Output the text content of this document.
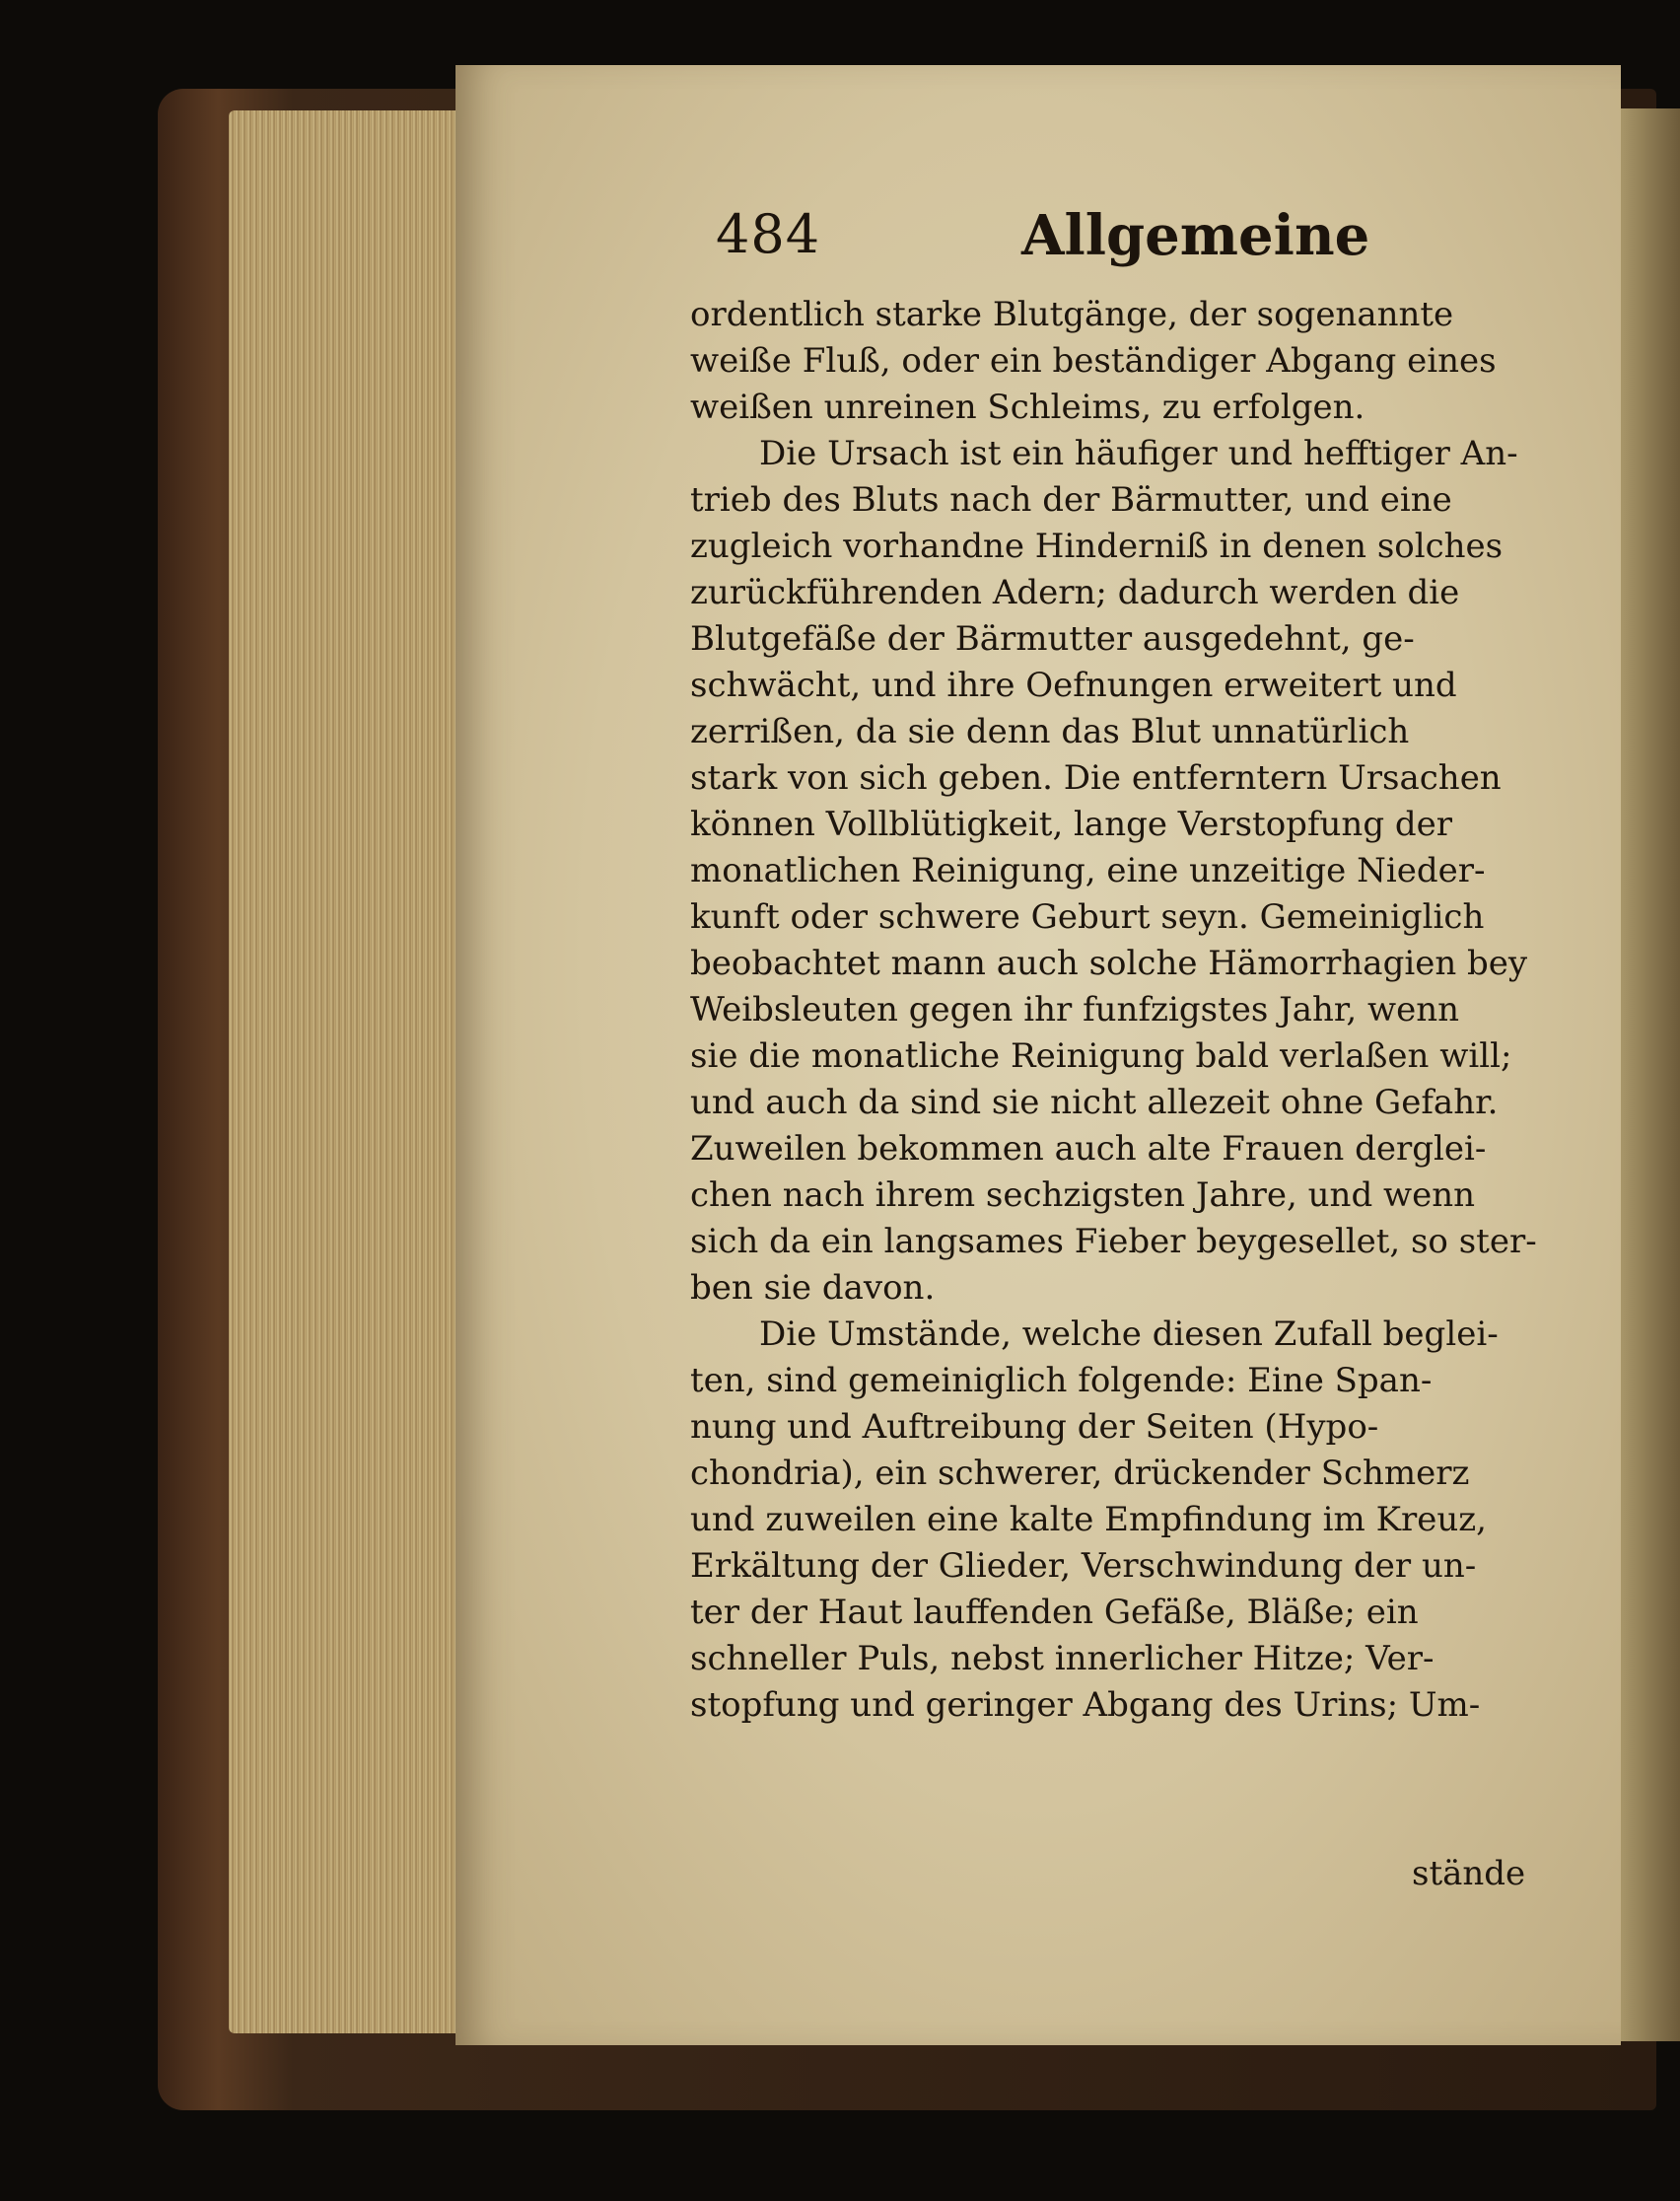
484	Allgemeine
ordentlich starke Blutgänge, der sogenannte
weiße Fluß, oder ein beständiger Abgang eines
weißen unreinen Schleims, zu erfolgen.
Die Ursach ist ein häufiger und hefftiger An-
trieb des Bluts nach der Bärmutter, und eine
zugleich vorhandne Hinderniß in denen solches
zurückführenden Adern; dadurch werden die
Blutgefäße der Bärmutter ausgedehnt, ge-
schwächt, und ihre Oefnungen erweitert und
zerrißen, da sie denn das Blut unnatürlich
stark von sich geben. Die entferntern Ursachen
können Vollblütigkeit, lange Verstopfung der
monatlichen Reinigung, eine unzeitige Nieder-
kunft oder schwere Geburt seyn. Gemeiniglich
beobachtet mann auch solche Hämorrhagien bey
Weibsleuten gegen ihr funfzigstes Jahr, wenn
sie die monatliche Reinigung bald verlaßen will;
und auch da sind sie nicht allezeit ohne Gefahr.
Zuweilen bekommen auch alte Frauen derglei-
chen nach ihrem sechzigsten Jahre, und wenn
sich da ein langsames Fieber beygesellet, so ster-
ben sie davon.
Die Umstände, welche diesen Zufall beglei-
ten, sind gemeiniglich folgende: Eine Span-
nung und Auftreibung der Seiten (Hypo-
chondria), ein schwerer, drückender Schmerz
und zuweilen eine kalte Empfindung im Kreuz,
Erkältung der Glieder, Verschwindung der un-
ter der Haut lauffenden Gefäße, Bläße; ein
schneller Puls, nebst innerlicher Hitze; Ver-
stopfung und geringer Abgang des Urins; Um-
stände
